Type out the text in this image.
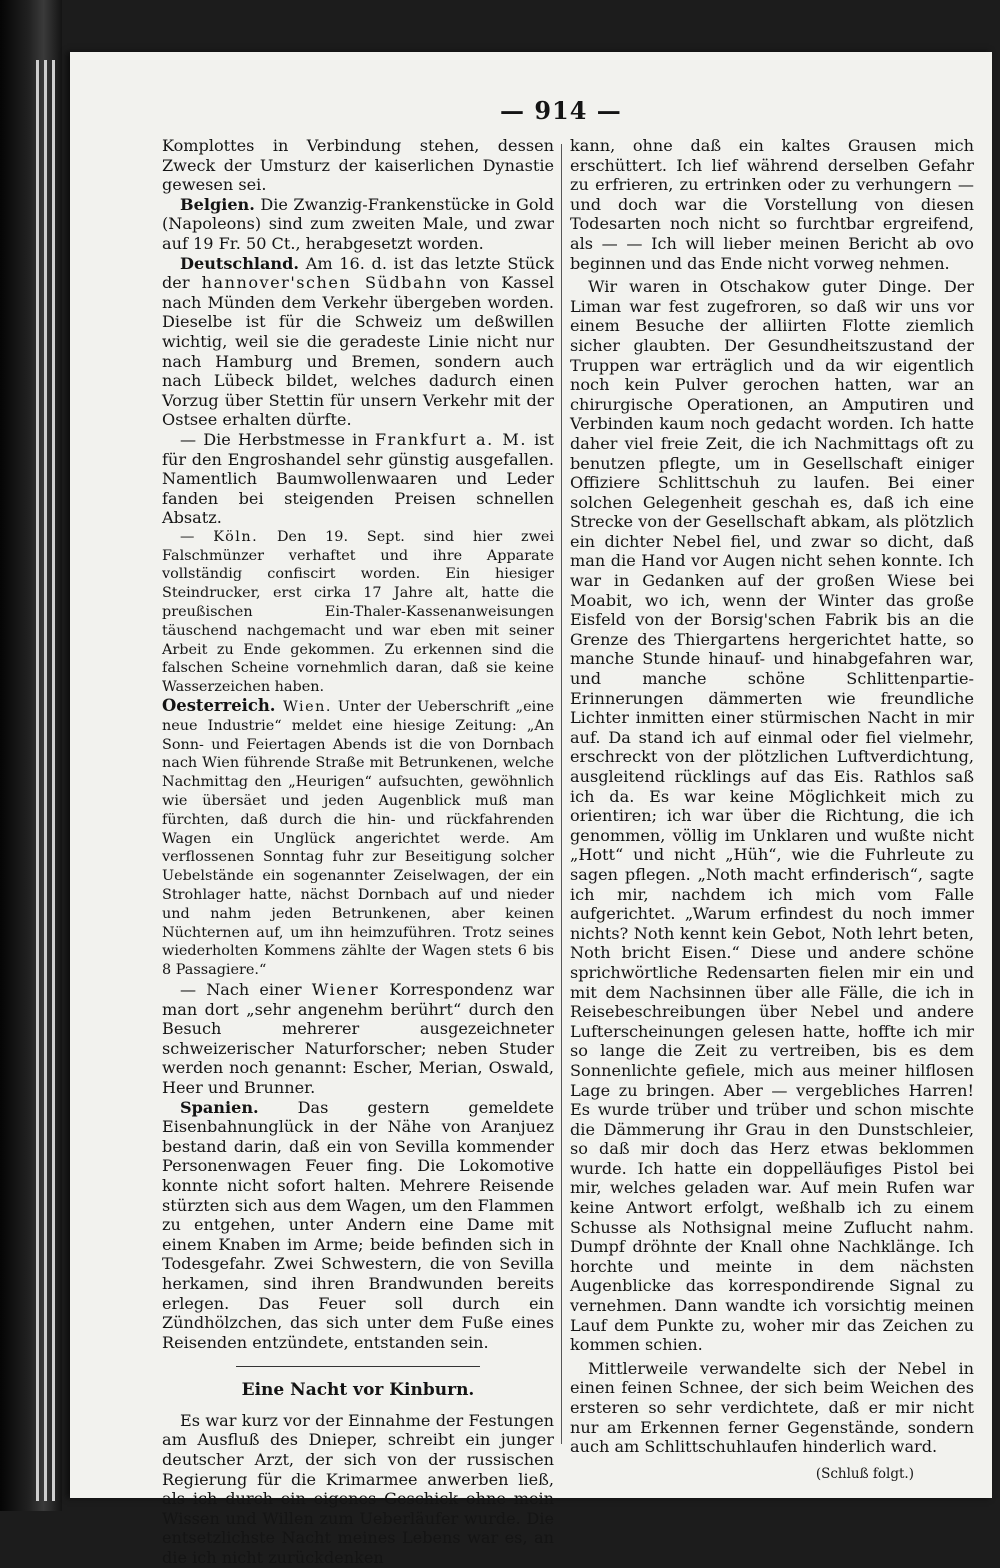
— 914 —

Komplottes in Verbindung stehen, dessen Zweck der Umsturz der kaiserlichen Dynastie gewesen sei.

Belgien. Die Zwanzig-Frankenstücke in Gold (Napoleons) sind zum zweiten Male, und zwar auf 19 Fr. 50 Ct., herabgesetzt worden.

Deutschland. Am 16. d. ist das letzte Stück der hannover'schen Südbahn von Kassel nach Münden dem Verkehr übergeben worden. Dieselbe ist für die Schweiz um deßwillen wichtig, weil sie die geradeste Linie nicht nur nach Hamburg und Bremen, sondern auch nach Lübeck bildet, welches dadurch einen Vorzug über Stettin für unsern Verkehr mit der Ostsee erhalten dürfte.

— Die Herbstmesse in Frankfurt a. M. ist für den Engroshandel sehr günstig ausgefallen. Namentlich Baumwollenwaaren und Leder fanden bei steigenden Preisen schnellen Absatz.

— Köln. Den 19. Sept. sind hier zwei Falschmünzer verhaftet und ihre Apparate vollständig confiscirt worden. Ein hiesiger Steindrucker, erst cirka 17 Jahre alt, hatte die preußischen Ein-Thaler-Kassenanweisungen täuschend nachgemacht und war eben mit seiner Arbeit zu Ende gekommen. Zu erkennen sind die falschen Scheine vornehmlich daran, daß sie keine Wasserzeichen haben.

Oesterreich. Wien. Unter der Ueberschrift „eine neue Industrie“ meldet eine hiesige Zeitung: „An Sonn- und Feiertagen Abends ist die von Dornbach nach Wien führende Straße mit Betrunkenen, welche Nachmittag den „Heurigen“ aufsuchten, gewöhnlich wie übersäet und jeden Augenblick muß man fürchten, daß durch die hin- und rückfahrenden Wagen ein Unglück angerichtet werde. Am verflossenen Sonntag fuhr zur Beseitigung solcher Uebelstände ein sogenannter Zeiselwagen, der ein Strohlager hatte, nächst Dornbach auf und nieder und nahm jeden Betrunkenen, aber keinen Nüchternen auf, um ihn heimzuführen. Trotz seines wiederholten Kommens zählte der Wagen stets 6 bis 8 Passagiere.“

— Nach einer Wiener Korrespondenz war man dort „sehr angenehm berührt“ durch den Besuch mehrerer ausgezeichneter schweizerischer Naturforscher; neben Studer werden noch genannt: Escher, Merian, Oswald, Heer und Brunner.

Spanien. Das gestern gemeldete Eisenbahnunglück in der Nähe von Aranjuez bestand darin, daß ein von Sevilla kommender Personenwagen Feuer fing. Die Lokomotive konnte nicht sofort halten. Mehrere Reisende stürzten sich aus dem Wagen, um den Flammen zu entgehen, unter Andern eine Dame mit einem Knaben im Arme; beide befinden sich in Todesgefahr. Zwei Schwestern, die von Sevilla herkamen, sind ihren Brandwunden bereits erlegen. Das Feuer soll durch ein Zündhölzchen, das sich unter dem Fuße eines Reisenden entzündete, entstanden sein.

Eine Nacht vor Kinburn.

Es war kurz vor der Einnahme der Festungen am Ausfluß des Dnieper, schreibt ein junger deutscher Arzt, der sich von der russischen Regierung für die Krimarmee anwerben ließ, als ich durch ein eigenes Geschick ohne mein Wissen und Willen zum Ueberläufer wurde. Die entsetzlichste Nacht meines Lebens war es, an die ich nicht zurückdenken

kann, ohne daß ein kaltes Grausen mich erschüttert. Ich lief während derselben Gefahr zu erfrieren, zu ertrinken oder zu verhungern — und doch war die Vorstellung von diesen Todesarten noch nicht so furchtbar ergreifend, als — — Ich will lieber meinen Bericht ab ovo beginnen und das Ende nicht vorweg nehmen.

Wir waren in Otschakow guter Dinge. Der Liman war fest zugefroren, so daß wir uns vor einem Besuche der alliirten Flotte ziemlich sicher glaubten. Der Gesundheitszustand der Truppen war erträglich und da wir eigentlich noch kein Pulver gerochen hatten, war an chirurgische Operationen, an Amputiren und Verbinden kaum noch gedacht worden. Ich hatte daher viel freie Zeit, die ich Nachmittags oft zu benutzen pflegte, um in Gesellschaft einiger Offiziere Schlittschuh zu laufen. Bei einer solchen Gelegenheit geschah es, daß ich eine Strecke von der Gesellschaft abkam, als plötzlich ein dichter Nebel fiel, und zwar so dicht, daß man die Hand vor Augen nicht sehen konnte. Ich war in Gedanken auf der großen Wiese bei Moabit, wo ich, wenn der Winter das große Eisfeld von der Borsig'schen Fabrik bis an die Grenze des Thiergartens hergerichtet hatte, so manche Stunde hinauf- und hinabgefahren war, und manche schöne Schlittenpartie-Erinnerungen dämmerten wie freundliche Lichter inmitten einer stürmischen Nacht in mir auf. Da stand ich auf einmal oder fiel vielmehr, erschreckt von der plötzlichen Luftverdichtung, ausgleitend rücklings auf das Eis. Rathlos saß ich da. Es war keine Möglichkeit mich zu orientiren; ich war über die Richtung, die ich genommen, völlig im Unklaren und wußte nicht „Hott“ und nicht „Hüh“, wie die Fuhrleute zu sagen pflegen. „Noth macht erfinderisch“, sagte ich mir, nachdem ich mich vom Falle aufgerichtet. „Warum erfindest du noch immer nichts? Noth kennt kein Gebot, Noth lehrt beten, Noth bricht Eisen.“ Diese und andere schöne sprichwörtliche Redensarten fielen mir ein und mit dem Nachsinnen über alle Fälle, die ich in Reisebeschreibungen über Nebel und andere Lufterscheinungen gelesen hatte, hoffte ich mir so lange die Zeit zu vertreiben, bis es dem Sonnenlichte gefiele, mich aus meiner hilflosen Lage zu bringen. Aber — vergebliches Harren! Es wurde trüber und trüber und schon mischte die Dämmerung ihr Grau in den Dunstschleier, so daß mir doch das Herz etwas beklommen wurde. Ich hatte ein doppelläufiges Pistol bei mir, welches geladen war. Auf mein Rufen war keine Antwort erfolgt, weßhalb ich zu einem Schusse als Nothsignal meine Zuflucht nahm. Dumpf dröhnte der Knall ohne Nachklänge. Ich horchte und meinte in dem nächsten Augenblicke das korrespondirende Signal zu vernehmen. Dann wandte ich vorsichtig meinen Lauf dem Punkte zu, woher mir das Zeichen zu kommen schien.

Mittlerweile verwandelte sich der Nebel in einen feinen Schnee, der sich beim Weichen des ersteren so sehr verdichtete, daß er mir nicht nur am Erkennen ferner Gegenstände, sondern auch am Schlittschuhlaufen hinderlich ward.

(Schluß folgt.)
